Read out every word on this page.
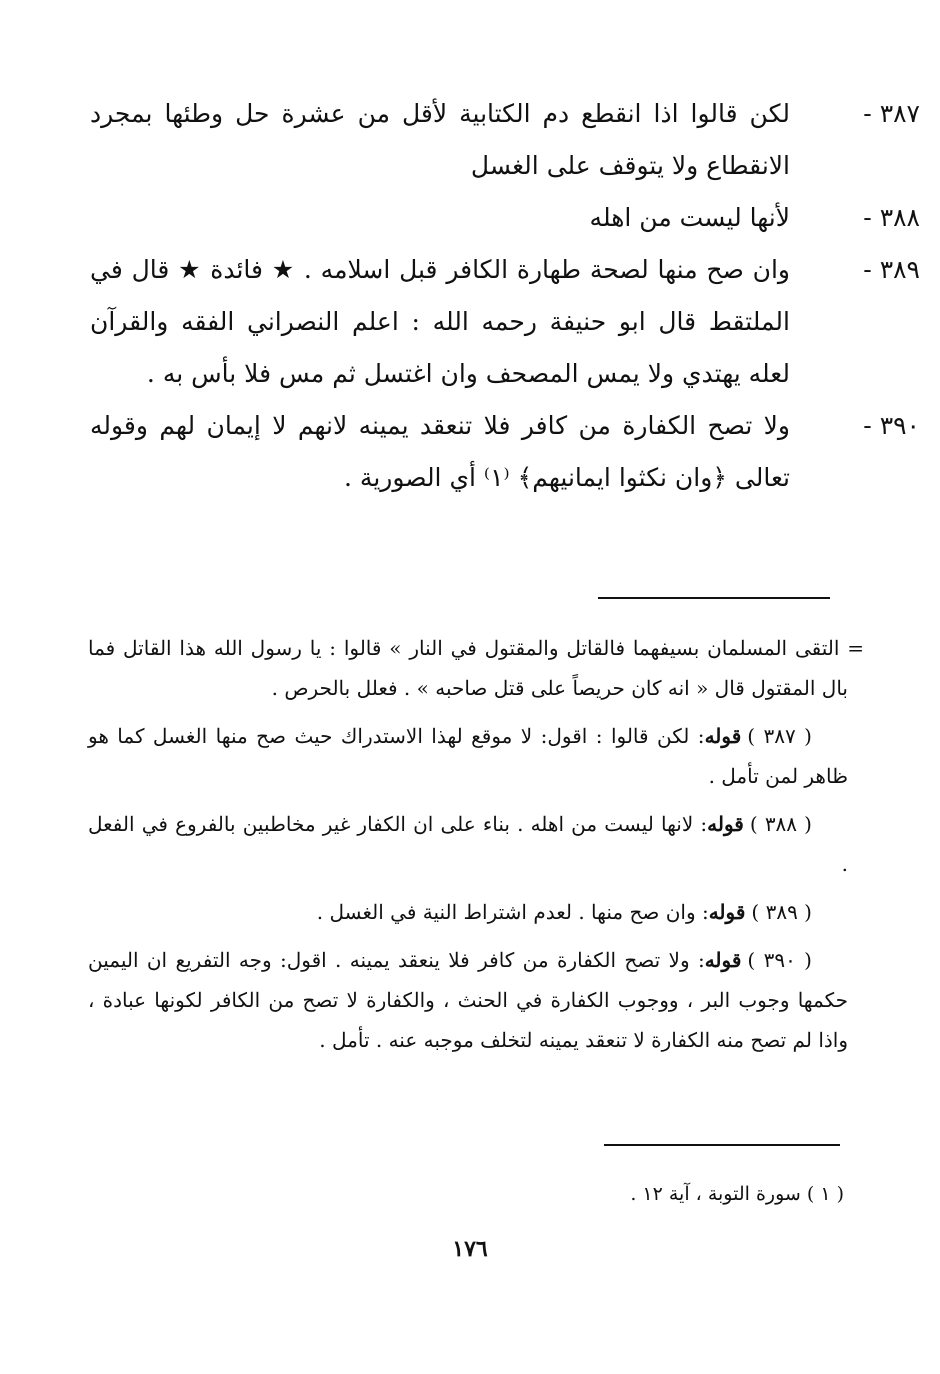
٣٨٧ -
لكن قالوا اذا انقطع دم الكتابية لأقل من عشرة حل وطئها بمجرد الانقطاع ولا يتوقف على الغسل
٣٨٨ -
لأنها ليست من اهله
٣٨٩ -
وان صح منها لصحة طهارة الكافر قبل اسلامه . ★ فائدة ★ قال في الملتقط قال ابو حنيفة رحمه الله : اعلم النصراني الفقه والقرآن لعله يهتدي ولا يمس المصحف وان اغتسل ثم مس فلا بأس به .
٣٩٠ -
ولا تصح الكفارة من كافر فلا تنعقد يمينه لانهم لا إيمان لهم وقوله تعالى ﴿وان نكثوا ايمانيهم﴾ ⁽١⁾ أي الصورية .

= التقى المسلمان بسيفهما فالقاتل والمقتول في النار » قالوا : يا رسول الله هذا القاتل فما بال المقتول قال « انه كان حريصاً على قتل صاحبه » . فعلل بالحرص .

( ٣٨٧ )قوله: لكن قالوا : اقول: لا موقع لهذا الاستدراك حيث صح منها الغسل كما هو ظاهر لمن تأمل .

( ٣٨٨ )قوله: لانها ليست من اهله . بناء على ان الكفار غير مخاطبين بالفروع في الفعل .

( ٣٨٩ )قوله: وان صح منها . لعدم اشتراط النية في الغسل .

( ٣٩٠ )قوله: ولا تصح الكفارة من كافر فلا ينعقد يمينه . اقول: وجه التفريع ان اليمين حكمها وجوب البر ، ووجوب الكفارة في الحنث ، والكفارة لا تصح من الكافر لكونها عبادة ، واذا لم تصح منه الكفارة لا تنعقد يمينه لتخلف موجبه عنه . تأمل .

( ١ ) سورة التوبة ، آية ١٢ .
١٧٦
